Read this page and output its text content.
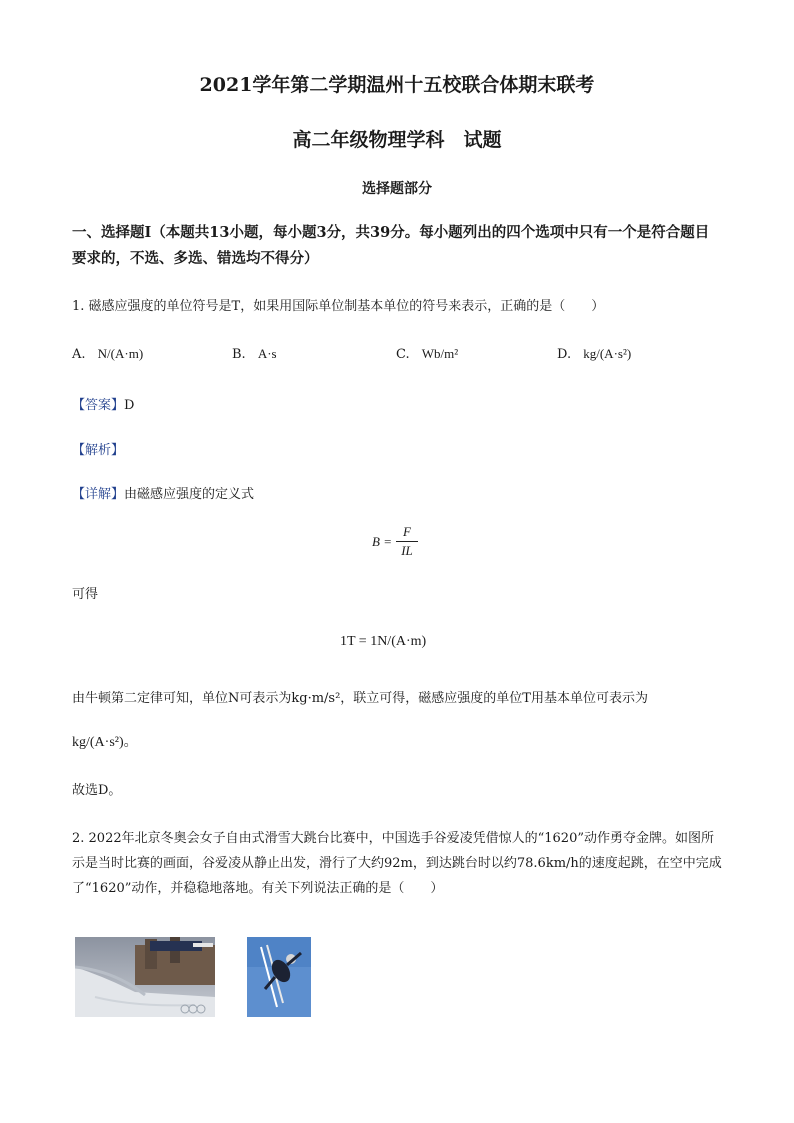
2021学年第二学期温州十五校联合体期末联考
高二年级物理学科　试题
选择题部分
一、选择题Ⅰ（本题共13小题，每小题3分，共39分。每小题列出的四个选项中只有一个是符合题目要求的，不选、多选、错选均不得分）
1. 磁感应强度的单位符号是T，如果用国际单位制基本单位的符号来表示，正确的是（　　）
A. N/(A·m)	B. A·s	C. Wb/m²	D. kg/(A·s²)
【答案】D
【解析】
【详解】由磁感应强度的定义式
$B = \frac{F}{IL}$
可得
1T = 1N/(A·m)
由牛顿第二定律可知，单位N可表示为kg·m/s²，联立可得，磁感应强度的单位T用基本单位可表示为
kg/(A·s²)。
故选D。
2. 2022年北京冬奥会女子自由式滑雪大跳台比赛中，中国选手谷爱凌凭借惊人的“1620”动作勇夺金牌。如图所示是当时比赛的画面，谷爱凌从静止出发，滑行了大约92m，到达跳台时以约78.6km/h的速度起跳，在空中完成了“1620”动作，并稳稳地落地。有关下列说法正确的是（　　）
